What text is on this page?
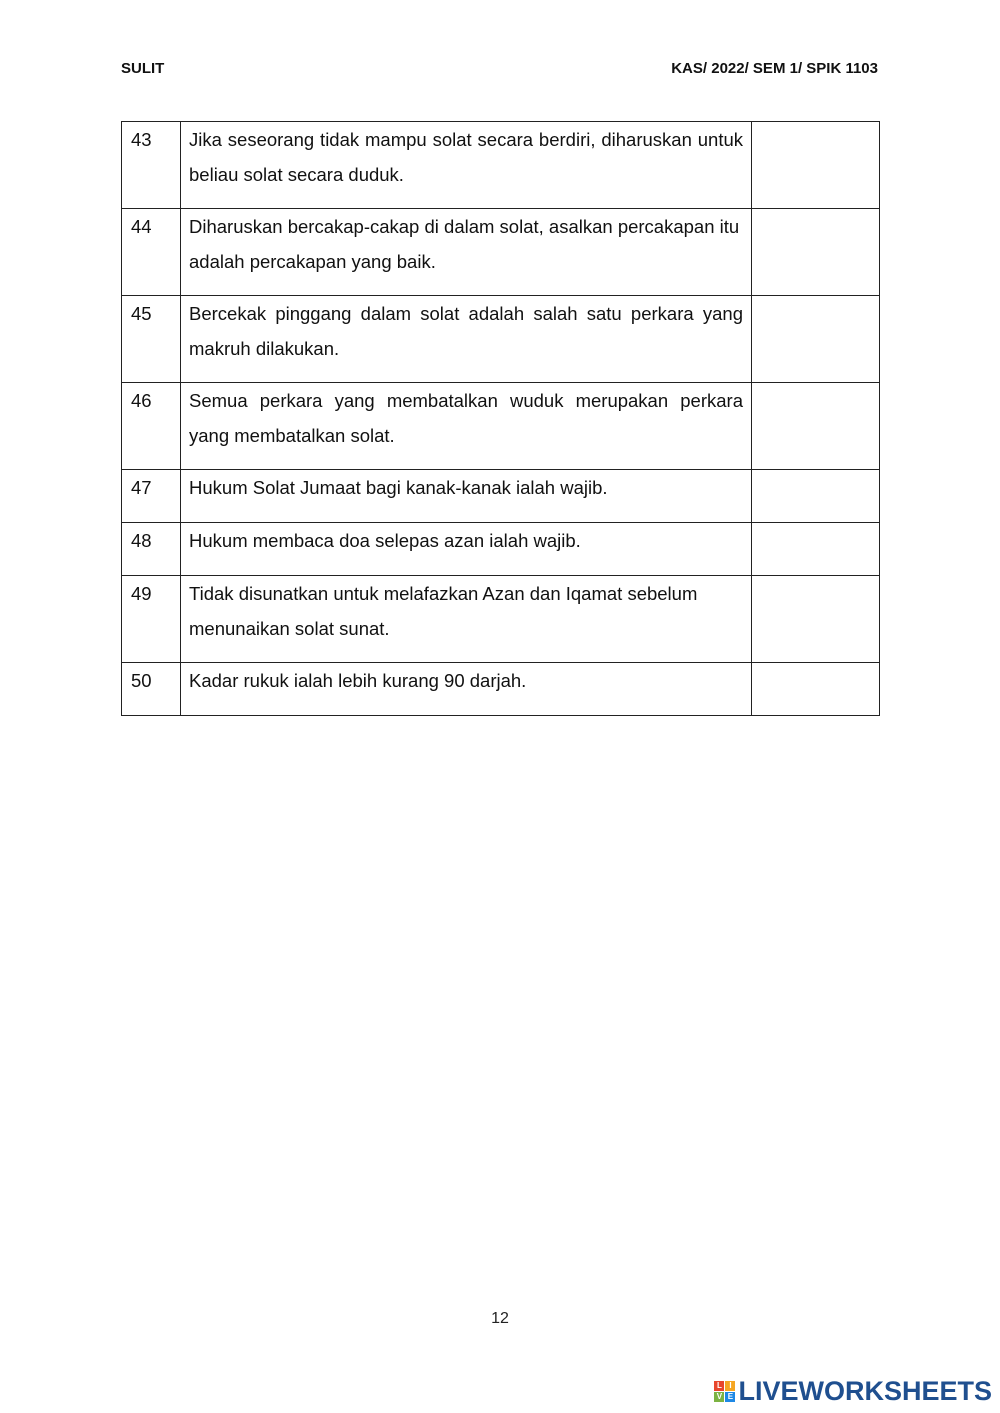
SULIT	KAS/ 2022/ SEM 1/ SPIK 1103
43	Jika seseorang tidak mampu solat secara berdiri, diharuskan untuk beliau solat secara duduk.	
44	Diharuskan bercakap-cakap di dalam solat, asalkan percakapan itu adalah percakapan yang baik.	
45	Bercekak pinggang dalam solat adalah salah satu perkara yang makruh dilakukan.	
46	Semua perkara yang membatalkan wuduk merupakan perkara yang membatalkan solat.	
47	Hukum Solat Jumaat bagi kanak-kanak ialah wajib.	
48	Hukum membaca doa selepas azan ialah wajib.	
49	Tidak disunatkan untuk melafazkan Azan dan Iqamat sebelum menunaikan solat sunat.	
50	Kadar rukuk ialah lebih kurang 90 darjah.	
12
L I
V E LIVEWORKSHEETS
